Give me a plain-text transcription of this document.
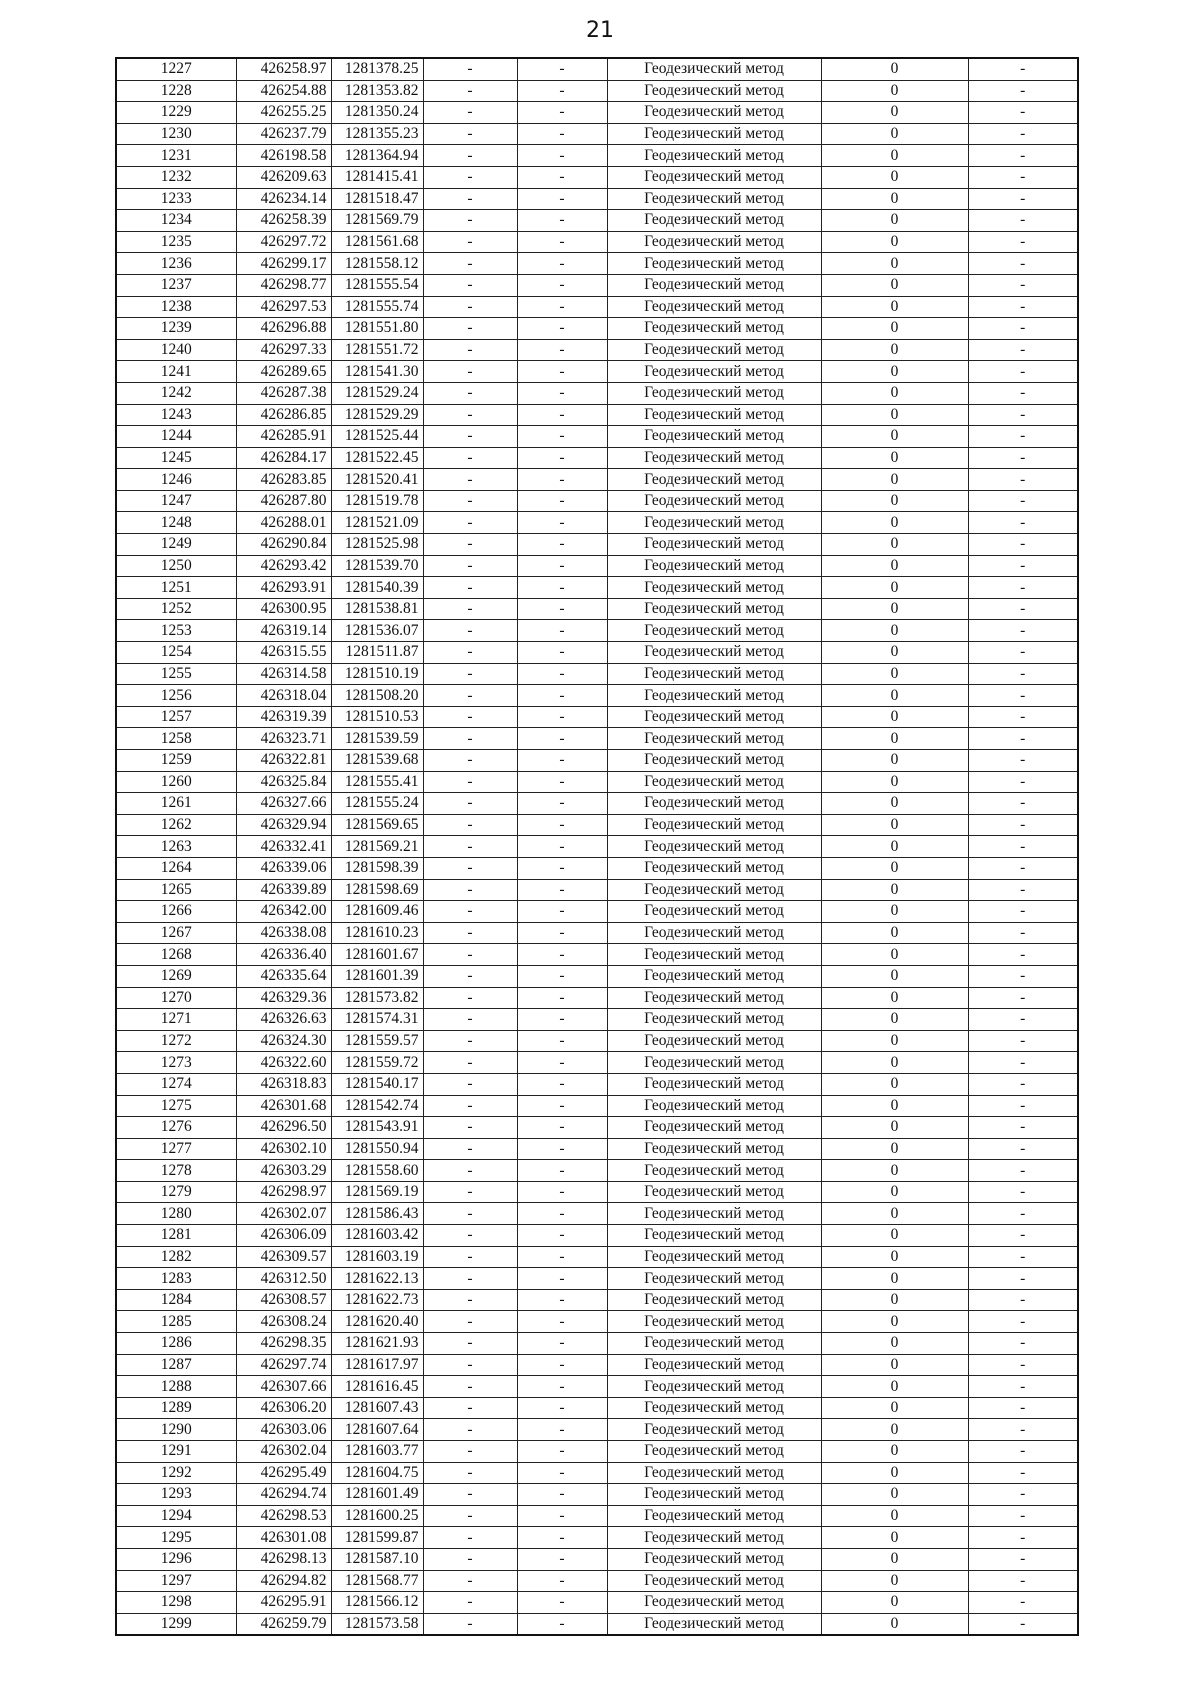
21
1227	426258.97	1281378.25	-	-	Геодезический метод	0	-
1228	426254.88	1281353.82	-	-	Геодезический метод	0	-
1229	426255.25	1281350.24	-	-	Геодезический метод	0	-
1230	426237.79	1281355.23	-	-	Геодезический метод	0	-
1231	426198.58	1281364.94	-	-	Геодезический метод	0	-
1232	426209.63	1281415.41	-	-	Геодезический метод	0	-
1233	426234.14	1281518.47	-	-	Геодезический метод	0	-
1234	426258.39	1281569.79	-	-	Геодезический метод	0	-
1235	426297.72	1281561.68	-	-	Геодезический метод	0	-
1236	426299.17	1281558.12	-	-	Геодезический метод	0	-
1237	426298.77	1281555.54	-	-	Геодезический метод	0	-
1238	426297.53	1281555.74	-	-	Геодезический метод	0	-
1239	426296.88	1281551.80	-	-	Геодезический метод	0	-
1240	426297.33	1281551.72	-	-	Геодезический метод	0	-
1241	426289.65	1281541.30	-	-	Геодезический метод	0	-
1242	426287.38	1281529.24	-	-	Геодезический метод	0	-
1243	426286.85	1281529.29	-	-	Геодезический метод	0	-
1244	426285.91	1281525.44	-	-	Геодезический метод	0	-
1245	426284.17	1281522.45	-	-	Геодезический метод	0	-
1246	426283.85	1281520.41	-	-	Геодезический метод	0	-
1247	426287.80	1281519.78	-	-	Геодезический метод	0	-
1248	426288.01	1281521.09	-	-	Геодезический метод	0	-
1249	426290.84	1281525.98	-	-	Геодезический метод	0	-
1250	426293.42	1281539.70	-	-	Геодезический метод	0	-
1251	426293.91	1281540.39	-	-	Геодезический метод	0	-
1252	426300.95	1281538.81	-	-	Геодезический метод	0	-
1253	426319.14	1281536.07	-	-	Геодезический метод	0	-
1254	426315.55	1281511.87	-	-	Геодезический метод	0	-
1255	426314.58	1281510.19	-	-	Геодезический метод	0	-
1256	426318.04	1281508.20	-	-	Геодезический метод	0	-
1257	426319.39	1281510.53	-	-	Геодезический метод	0	-
1258	426323.71	1281539.59	-	-	Геодезический метод	0	-
1259	426322.81	1281539.68	-	-	Геодезический метод	0	-
1260	426325.84	1281555.41	-	-	Геодезический метод	0	-
1261	426327.66	1281555.24	-	-	Геодезический метод	0	-
1262	426329.94	1281569.65	-	-	Геодезический метод	0	-
1263	426332.41	1281569.21	-	-	Геодезический метод	0	-
1264	426339.06	1281598.39	-	-	Геодезический метод	0	-
1265	426339.89	1281598.69	-	-	Геодезический метод	0	-
1266	426342.00	1281609.46	-	-	Геодезический метод	0	-
1267	426338.08	1281610.23	-	-	Геодезический метод	0	-
1268	426336.40	1281601.67	-	-	Геодезический метод	0	-
1269	426335.64	1281601.39	-	-	Геодезический метод	0	-
1270	426329.36	1281573.82	-	-	Геодезический метод	0	-
1271	426326.63	1281574.31	-	-	Геодезический метод	0	-
1272	426324.30	1281559.57	-	-	Геодезический метод	0	-
1273	426322.60	1281559.72	-	-	Геодезический метод	0	-
1274	426318.83	1281540.17	-	-	Геодезический метод	0	-
1275	426301.68	1281542.74	-	-	Геодезический метод	0	-
1276	426296.50	1281543.91	-	-	Геодезический метод	0	-
1277	426302.10	1281550.94	-	-	Геодезический метод	0	-
1278	426303.29	1281558.60	-	-	Геодезический метод	0	-
1279	426298.97	1281569.19	-	-	Геодезический метод	0	-
1280	426302.07	1281586.43	-	-	Геодезический метод	0	-
1281	426306.09	1281603.42	-	-	Геодезический метод	0	-
1282	426309.57	1281603.19	-	-	Геодезический метод	0	-
1283	426312.50	1281622.13	-	-	Геодезический метод	0	-
1284	426308.57	1281622.73	-	-	Геодезический метод	0	-
1285	426308.24	1281620.40	-	-	Геодезический метод	0	-
1286	426298.35	1281621.93	-	-	Геодезический метод	0	-
1287	426297.74	1281617.97	-	-	Геодезический метод	0	-
1288	426307.66	1281616.45	-	-	Геодезический метод	0	-
1289	426306.20	1281607.43	-	-	Геодезический метод	0	-
1290	426303.06	1281607.64	-	-	Геодезический метод	0	-
1291	426302.04	1281603.77	-	-	Геодезический метод	0	-
1292	426295.49	1281604.75	-	-	Геодезический метод	0	-
1293	426294.74	1281601.49	-	-	Геодезический метод	0	-
1294	426298.53	1281600.25	-	-	Геодезический метод	0	-
1295	426301.08	1281599.87	-	-	Геодезический метод	0	-
1296	426298.13	1281587.10	-	-	Геодезический метод	0	-
1297	426294.82	1281568.77	-	-	Геодезический метод	0	-
1298	426295.91	1281566.12	-	-	Геодезический метод	0	-
1299	426259.79	1281573.58	-	-	Геодезический метод	0	-
